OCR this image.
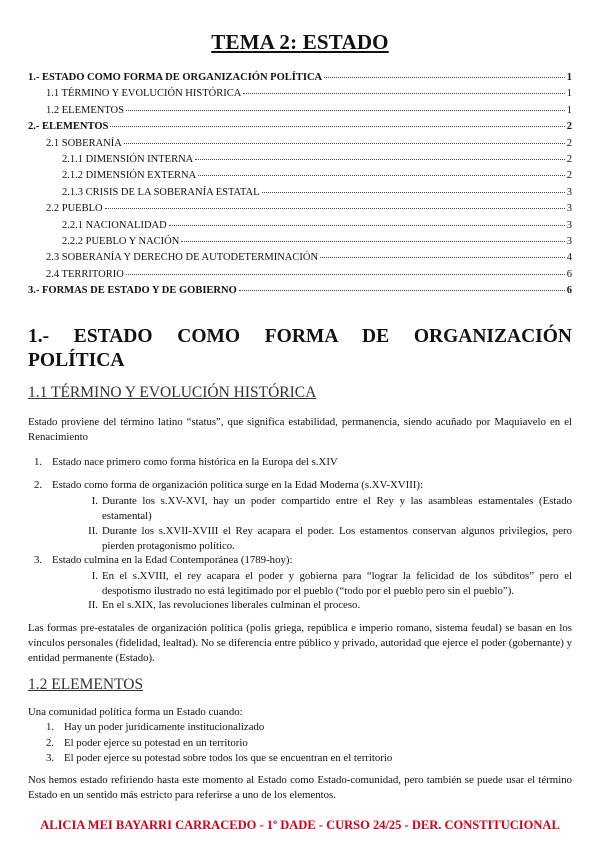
TEMA 2: ESTADO
1.- ESTADO COMO FORMA DE ORGANIZACIÓN POLÍTICA	1
1.1 TÉRMINO Y EVOLUCIÓN HISTÓRICA	1
1.2 ELEMENTOS	1
2.- ELEMENTOS	2
2.1 SOBERANÍA	2
2.1.1 DIMENSIÓN INTERNA	2
2.1.2 DIMENSIÓN EXTERNA	2
2.1.3 CRISIS DE LA SOBERANÍA ESTATAL	3
2.2 PUEBLO	3
2.2.1 NACIONALIDAD	3
2.2.2 PUEBLO Y NACIÓN	3
2.3 SOBERANÍA Y DERECHO DE AUTODETERMINACIÓN	4
2.4 TERRITORIO	6
3.- FORMAS DE ESTADO Y DE GOBIERNO	6
1.- ESTADO COMO FORMA DE ORGANIZACIÓN
POLÍTICA
1.1 TÉRMINO Y EVOLUCIÓN HISTÓRICA
Estado proviene del término latino “status”, que significa estabilidad, permanencia, siendo acuñado por Maquiavelo en el Renacimiento
1. Estado nace primero como forma histórica en la Europa del s.XIV
2. Estado como forma de organización política surge en la Edad Moderna (s.XV-XVIII):
I. Durante los s.XV-XVI, hay un poder compartido entre el Rey y las asambleas estamentales (Estado estamental)
II. Durante los s.XVII-XVIII el Rey acapara el poder. Los estamentos conservan algunos privilegios, pero pierden protagonismo político.
3. Estado culmina en la Edad Contemporánea (1789-hoy):
I. En el s.XVIII, el rey acapara el poder y gobierna para “lograr la felicidad de los súbditos” pero el despotismo ilustrado no está legitimado por el pueblo (“todo por el pueblo pero sin el pueblo”).
II. En el s.XIX, las revoluciones liberales culminan el proceso.
Las formas pre-estatales de organización política (polis griega, república e imperio romano, sistema feudal) se basan en los vínculos personales (fidelidad, lealtad). No se diferencia entre público y privado, autoridad que ejerce el poder (gobernante) y entidad permanente (Estado).
1.2 ELEMENTOS
Una comunidad política forma un Estado cuando:
1. Hay un poder jurídicamente institucionalizado
2. El poder ejerce su potestad en un territorio
3. El poder ejerce su potestad sobre todos los que se encuentran en el territorio
Nos hemos estado refiriendo hasta este momento al Estado como Estado-comunidad, pero también se puede usar el término Estado en un sentido más estricto para referirse a uno de los elementos.
ALICIA MEI BAYARRI CARRACEDO - 1º DADE - CURSO 24/25 - DER. CONSTITUCIONAL
